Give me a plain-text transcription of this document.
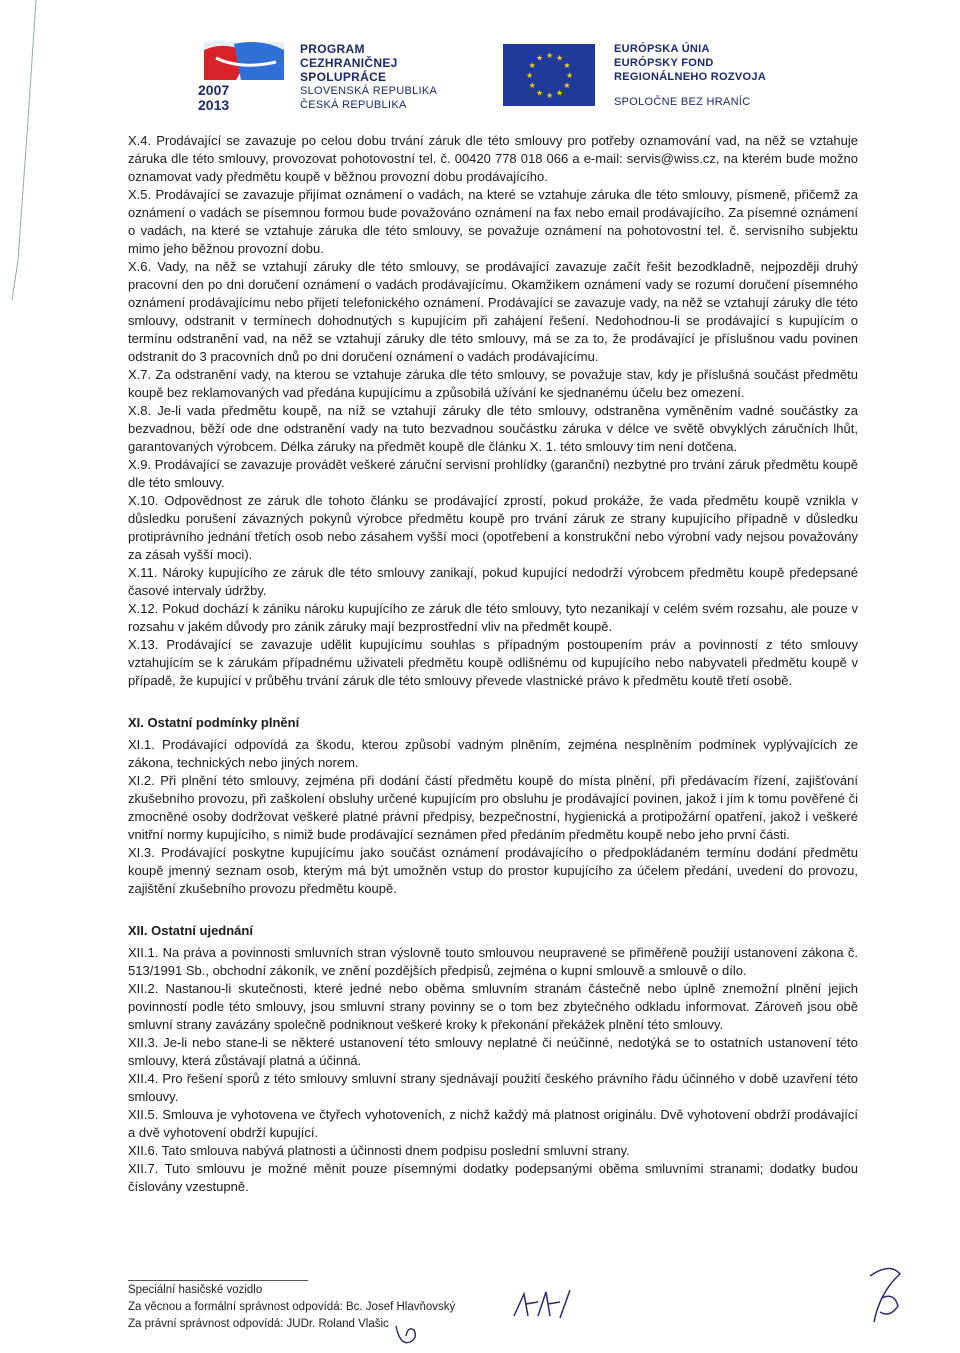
2007
2013
PROGRAM
CEZHRANIČNEJ
SPOLUPRÁCE
SLOVENSKÁ REPUBLIKA
ČESKÁ REPUBLIKA
★
★
★
★
★
★
★
★
★ ★ ★
★
EURÓPSKA ÚNIA
EURÓPSKY FOND
REGIONÁLNEHO ROZVOJA
SPOLOČNE BEZ HRANÍC
X.4. Prodávající se zavazuje po celou dobu trvání záruk dle této smlouvy pro potřeby oznamování vad, na něž se vztahuje záruka dle této smlouvy, provozovat pohotovostní tel. č. 00420 778 018 066 a e-mail: servis@wiss.cz, na kterém bude možno oznamovat vady předmětu koupě v běžnou provozní dobu prodávajícího.
X.5. Prodávající se zavazuje přijímat oznámení o vadách, na které se vztahuje záruka dle této smlouvy, písmeně, přičemž za oznámení o vadách se písemnou formou bude považováno oznámení na fax nebo email prodávajícího. Za písemné oznámení o vadách, na které se vztahuje záruka dle této smlouvy, se považuje oznámení na pohotovostní tel. č. servisního subjektu mimo jeho běžnou provozní dobu.
X.6. Vady, na něž se vztahují záruky dle této smlouvy, se prodávající zavazuje začít řešit bezodkladně, nejpozději druhý pracovní den po dni doručení oznámení o vadách prodávajícímu. Okamžikem oznámení vady se rozumí doručení písemného oznámení prodávajícímu nebo přijetí telefonického oznámení. Prodávající se zavazuje vady, na něž se vztahují záruky dle této smlouvy, odstranit v termínech dohodnutých s kupujícím při zahájení řešení. Nedohodnou-li se prodávající s kupujícím o termínu odstranění vad, na něž se vztahují záruky dle této smlouvy, má se za to, že prodávající je příslušnou vadu povinen odstranit do 3 pracovních dnů po dni doručení oznámení o vadách prodávajícímu.
X.7. Za odstranění vady, na kterou se vztahuje záruka dle této smlouvy, se považuje stav, kdy je příslušná součást předmětu koupě bez reklamovaných vad předána kupujícímu a způsobilá užívání ke sjednanému účelu bez omezení.
X.8. Je-li vada předmětu koupě, na níž se vztahují záruky dle této smlouvy, odstraněna vyměněním vadné součástky za bezvadnou, běží ode dne odstranění vady na tuto bezvadnou součástku záruka v délce ve světě obvyklých záručních lhůt, garantovaných výrobcem. Délka záruky na předmět koupě dle článku X. 1. této smlouvy tím není dotčena.
X.9. Prodávající se zavazuje provádět veškeré záruční servisní prohlídky (garanční) nezbytné pro trvání záruk předmětu koupě dle této smlouvy.
X.10. Odpovědnost ze záruk dle tohoto článku se prodávající zprostí, pokud prokáže, že vada předmětu koupě vznikla v důsledku porušení závazných pokynů výrobce předmětu koupě pro trvání záruk ze strany kupujícího případně v důsledku protiprávního jednání třetích osob nebo zásahem vyšší moci (opotřebení a konstrukční nebo výrobní vady nejsou považovány za zásah vyšší moci).
X.11. Nároky kupujícího ze záruk dle této smlouvy zanikají, pokud kupující nedodrží výrobcem předmětu koupě předepsané časové intervaly údržby.
X.12. Pokud dochází k zániku nároku kupujícího ze záruk dle této smlouvy, tyto nezanikají v celém svém rozsahu, ale pouze v rozsahu v jakém důvody pro zánik záruky mají bezprostřední vliv na předmět koupě.
X.13. Prodávající se zavazuje udělit kupujícímu souhlas s případným postoupením práv a povinností z této smlouvy vztahujícím se k zárukám případnému uživateli předmětu koupě odlišnému od kupujícího nebo nabyvateli předmětu koupě v případě, že kupující v průběhu trvání záruk dle této smlouvy převede vlastnické právo k předmětu koutě třetí osobě.
XI. Ostatní podmínky plnění
XI.1. Prodávající odpovídá za škodu, kterou způsobí vadným plněním, zejména nesplněním podmínek vyplývajících ze zákona, technických nebo jiných norem.
XI.2. Při plnění této smlouvy, zejména při dodání částí předmětu koupě do místa plnění, při předávacím řízení, zajišťování zkušebního provozu, při zaškolení obsluhy určené kupujícím pro obsluhu je prodávající povinen, jakož i jím k tomu pověřené či zmocněné osoby dodržovat veškeré platné právní předpisy, bezpečnostní, hygienická a protipožární opatření, jakož i veškeré vnitřní normy kupujícího, s nimiž bude prodávající seznámen před předáním předmětu koupě nebo jeho první části.
XI.3. Prodávající poskytne kupujícímu jako součást oznámení prodávajícího o předpokládaném termínu dodání předmětu koupě jmenný seznam osob, kterým má být umožněn vstup do prostor kupujícího za účelem předání, uvedení do provozu, zajištění zkušebního provozu předmětu koupě.
XII. Ostatní ujednání
XII.1. Na práva a povinnosti smluvních stran výslovně touto smlouvou neupravené se přiměřeně použijí ustanovení zákona č. 513/1991 Sb., obchodní zákoník, ve znění pozdějších předpisů, zejména o kupní smlouvě a smlouvě o dílo.
XII.2. Nastanou-li skutečnosti, které jedné nebo oběma smluvním stranám částečně nebo úplně znemožní plnění jejich povinností podle této smlouvy, jsou smluvní strany povinny se o tom bez zbytečného odkladu informovat. Zároveň jsou obě smluvní strany zavázány společně podniknout veškeré kroky k překonání překážek plnění této smlouvy.
XII.3. Je-li nebo stane-li se některé ustanovení této smlouvy neplatné či neúčinné, nedotýká se to ostatních ustanovení této smlouvy, která zůstávají platná a účinná.
XII.4. Pro řešení sporů z této smlouvy smluvní strany sjednávají použití českého právního řádu účinného v době uzavření této smlouvy.
XII.5. Smlouva je vyhotovena ve čtyřech vyhotoveních, z nichž každý má platnost originálu. Dvě vyhotovení obdrží prodávající a dvě vyhotovení obdrží kupující.
XII.6. Tato smlouva nabývá platnosti a účinnosti dnem podpisu poslední smluvní strany.
XII.7. Tuto smlouvu je možné měnit pouze písemnými dodatky podepsanými oběma smluvními stranami; dodatky budou číslovány vzestupně.
Speciální hasičské vozidlo
Za věcnou a formální správnost odpovídá: Bc. Josef Hlavňovský
Za právní správnost odpovídá: JUDr. Roland Vlašic
